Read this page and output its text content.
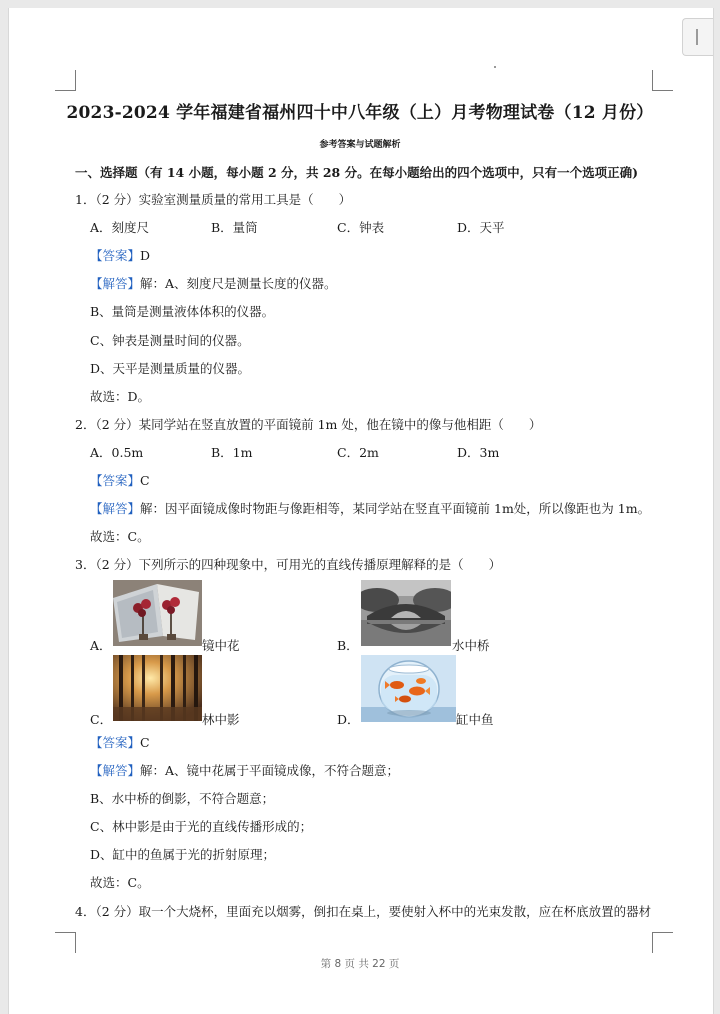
2023-2024 学年福建省福州四十中八年级（上）月考物理试卷（12 月份）
参考答案与试题解析
一、选择题（有 14 小题，每小题 2 分，共 28 分。在每小题给出的四个选项中，只有一个选项正确)
1．（2 分）实验室测量质量的常用工具是（　　）
A．刻度尺	B．量筒	C．钟表	D．天平
【答案】D
【解答】解：A、刻度尺是测量长度的仪器。
B、量筒是测量液体体积的仪器。
C、钟表是测量时间的仪器。
D、天平是测量质量的仪器。
故选：D。
2．（2 分）某同学站在竖直放置的平面镜前 1m 处，他在镜中的像与他相距（　　）
A．0.5m	B．1m	C．2m	D．3m
【答案】C
【解答】解：因平面镜成像时物距与像距相等，某同学站在竖直平面镜前 1m处，所以像距也为 1m。
故选：C。
3．（2 分）下列所示的四种现象中，可用光的直线传播原理解释的是（　　）
A．	镜中花	B．	水中桥
C．	林中影	D．	缸中鱼
【答案】C
【解答】解：A、镜中花属于平面镜成像，不符合题意；
B、水中桥的倒影，不符合题意；
C、林中影是由于光的直线传播形成的；
D、缸中的鱼属于光的折射原理；
故选：C。
4．（2 分）取一个大烧杯，里面充以烟雾，倒扣在桌上，要使射入杯中的光束发散，应在杯底放置的器材
第 8 页 共 22 页
